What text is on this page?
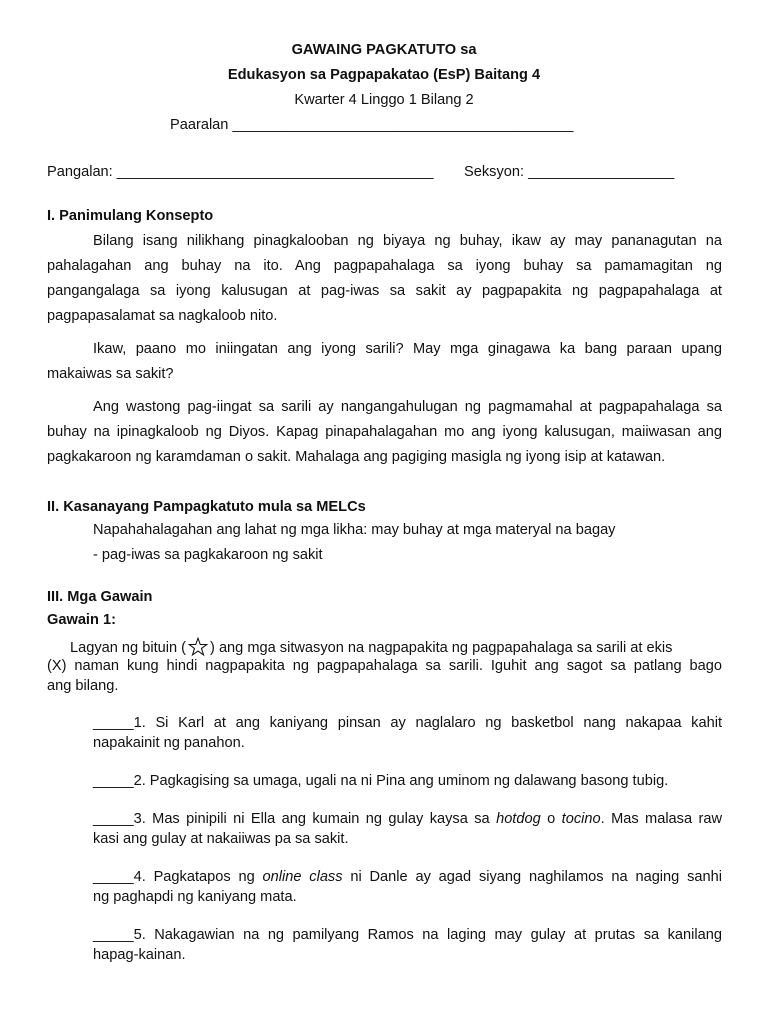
GAWAING PAGKATUTO sa
Edukasyon sa Pagpapakatao (EsP) Baitang 4
Kwarter 4 Linggo 1 Bilang 2
Paaralan __________________________________________
Pangalan: _______________________________________ Seksyon: __________________
I. Panimulang Konsepto
Bilang isang nilikhang pinagkalooban ng biyaya ng buhay, ikaw ay may pananagutan na
pahalagahan ang buhay na ito. Ang pagpapahalaga sa iyong buhay sa pamamagitan ng
pangangalaga sa iyong kalusugan at pag-iwas sa sakit ay pagpapakita ng pagpapahalaga at
pagpapasalamat sa nagkaloob nito.
Ikaw, paano mo iniingatan ang iyong sarili? May mga ginagawa ka bang paraan upang
makaiwas sa sakit?
Ang wastong pag-iingat sa sarili ay nangangahulugan ng pagmamahal at pagpapahalaga sa
buhay na ipinagkaloob ng Diyos. Kapag pinapahalagahan mo ang iyong kalusugan, maiiwasan ang
pagkakaroon ng karamdaman o sakit. Mahalaga ang pagiging masigla ng iyong isip at katawan.
II. Kasanayang Pampagkatuto mula sa MELCs
Napahahalagahan ang lahat ng mga likha: may buhay at mga materyal na bagay
- pag-iwas sa pagkakaroon ng sakit
III. Mga Gawain
Gawain 1:
Lagyan ng bituin ( ) ang mga sitwasyon na nagpapakita ng pagpapahalaga sa sarili at ekis
(X) naman kung hindi nagpapakita ng pagpapahalaga sa sarili. Iguhit ang sagot sa patlang bago
ang bilang.
_____1. Si Karl at ang kaniyang pinsan ay naglalaro ng basketbol nang nakapaa kahit
napakainit ng panahon.
_____2. Pagkagising sa umaga, ugali na ni Pina ang uminom ng dalawang basong tubig.
_____3. Mas pinipili ni Ella ang kumain ng gulay kaysa sa hotdog o tocino. Mas malasa raw
kasi ang gulay at nakaiiwas pa sa sakit.
_____4. Pagkatapos ng online class ni Danle ay agad siyang naghilamos na naging sanhi
ng paghapdi ng kaniyang mata.
_____5. Nakagawian na ng pamilyang Ramos na laging may gulay at prutas sa kanilang
hapag-kainan.
